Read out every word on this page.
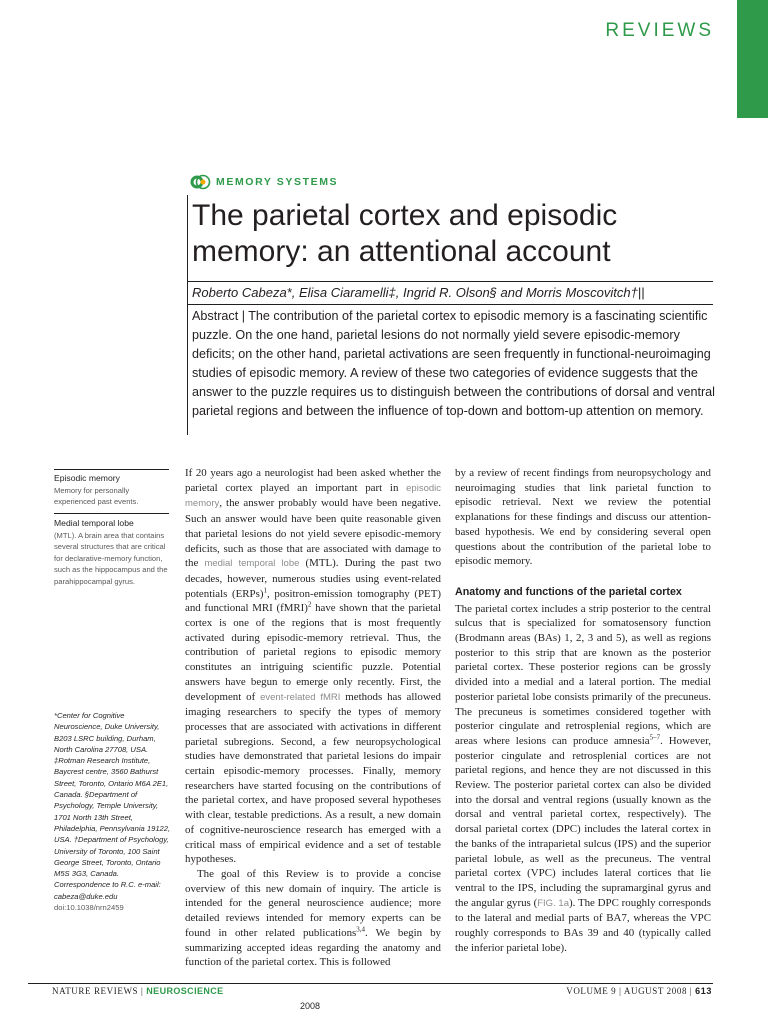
REVIEWS
MEMORY SYSTEMS
The parietal cortex and episodic memory: an attentional account
Roberto Cabeza*, Elisa Ciaramelli‡, Ingrid R. Olson§ and Morris Moscovitch†||
Abstract | The contribution of the parietal cortex to episodic memory is a fascinating scientific puzzle. On the one hand, parietal lesions do not normally yield severe episodic-memory deficits; on the other hand, parietal activations are seen frequently in functional-neuroimaging studies of episodic memory. A review of these two categories of evidence suggests that the answer to the puzzle requires us to distinguish between the contributions of dorsal and ventral parietal regions and between the influence of top-down and bottom-up attention on memory.
Episodic memory
Memory for personally experienced past events.
Medial temporal lobe
(MTL). A brain area that contains several structures that are critical for declarative-memory function, such as the hippocampus and the parahippocampal gyrus.
*Center for Cognitive Neuroscience, Duke University, B203 LSRC building, Durham, North Carolina 27708, USA. ‡Rotman Research Institute, Baycrest centre, 3560 Bathurst Street, Toronto, Ontario M6A 2E1, Canada. §Department of Psychology, Temple University, 1701 North 13th Street, Philadelphia, Pennsylvania 19122, USA. †Department of Psychology, University of Toronto, 100 Saint George Street, Toronto, Ontario M5S 3G3, Canada. Correspondence to R.C. e-mail: cabeza@duke.edu
doi:10.1038/nrn2459

If 20 years ago a neurologist had been asked whether the parietal cortex played an important part in episodic memory, the answer probably would have been negative. Such an answer would have been quite reasonable given that parietal lesions do not yield severe episodic-memory deficits, such as those that are associated with damage to the medial temporal lobe (MTL). During the past two decades, however, numerous studies using event-related potentials (ERPs)$^1$, positron-emission tomography (PET) and functional MRI (fMRI)$^2$ have shown that the parietal cortex is one of the regions that is most frequently activated during episodic-memory retrieval. Thus, the contribution of parietal regions to episodic memory constitutes an intriguing scientific puzzle. Potential answers have begun to emerge only recently. First, the development of event-related fMRI methods has allowed imaging researchers to specify the types of memory processes that are associated with activations in different parietal subregions. Second, a few neuropsychological studies have demonstrated that parietal lesions do impair certain episodic-memory processes. Finally, memory researchers have started focusing on the contributions of the parietal cortex, and have proposed several hypotheses with clear, testable predictions. As a result, a new domain of cognitive-neuroscience research has emerged with a critical mass of empirical evidence and a set of testable hypotheses.

The goal of this Review is to provide a concise overview of this new domain of inquiry. The article is intended for the general neuroscience audience; more detailed reviews intended for memory experts can be found in other related publications$^{3,4}$. We begin by summarizing accepted ideas regarding the anatomy and function of the parietal cortex. This is followed

by a review of recent findings from neuropsychology and neuroimaging studies that link parietal function to episodic retrieval. Next we review the potential explanations for these findings and discuss our attention-based hypothesis. We end by considering several open questions about the contribution of the parietal lobe to episodic memory.

Anatomy and functions of the parietal cortex

The parietal cortex includes a strip posterior to the central sulcus that is specialized for somatosensory function (Brodmann areas (BAs) 1, 2, 3 and 5), as well as regions posterior to this strip that are known as the posterior parietal cortex. These posterior regions can be grossly divided into a medial and a lateral portion. The medial posterior parietal lobe consists primarily of the precuneus. The precuneus is sometimes considered together with posterior cingulate and retrosplenial regions, which are areas where lesions can produce amnesia$^{5-7}$. However, posterior cingulate and retrosplenial cortices are not parietal regions, and hence they are not discussed in this Review. The posterior parietal cortex can also be divided into the dorsal and ventral regions (usually known as the dorsal and ventral parietal cortex, respectively). The dorsal parietal cortex (DPC) includes the lateral cortex in the banks of the intraparietal sulcus (IPS) and the superior parietal lobule, as well as the precuneus. The ventral parietal cortex (VPC) includes lateral cortices that lie ventral to the IPS, including the supramarginal gyrus and the angular gyrus (FIG. 1a). The DPC roughly corresponds to the lateral and medial parts of BA7, whereas the VPC roughly corresponds to BAs 39 and 40 (typically called the inferior parietal lobe).

NATURE REVIEWS | NEUROSCIENCE	VOLUME 9 | AUGUST 2008 | 613
2008
